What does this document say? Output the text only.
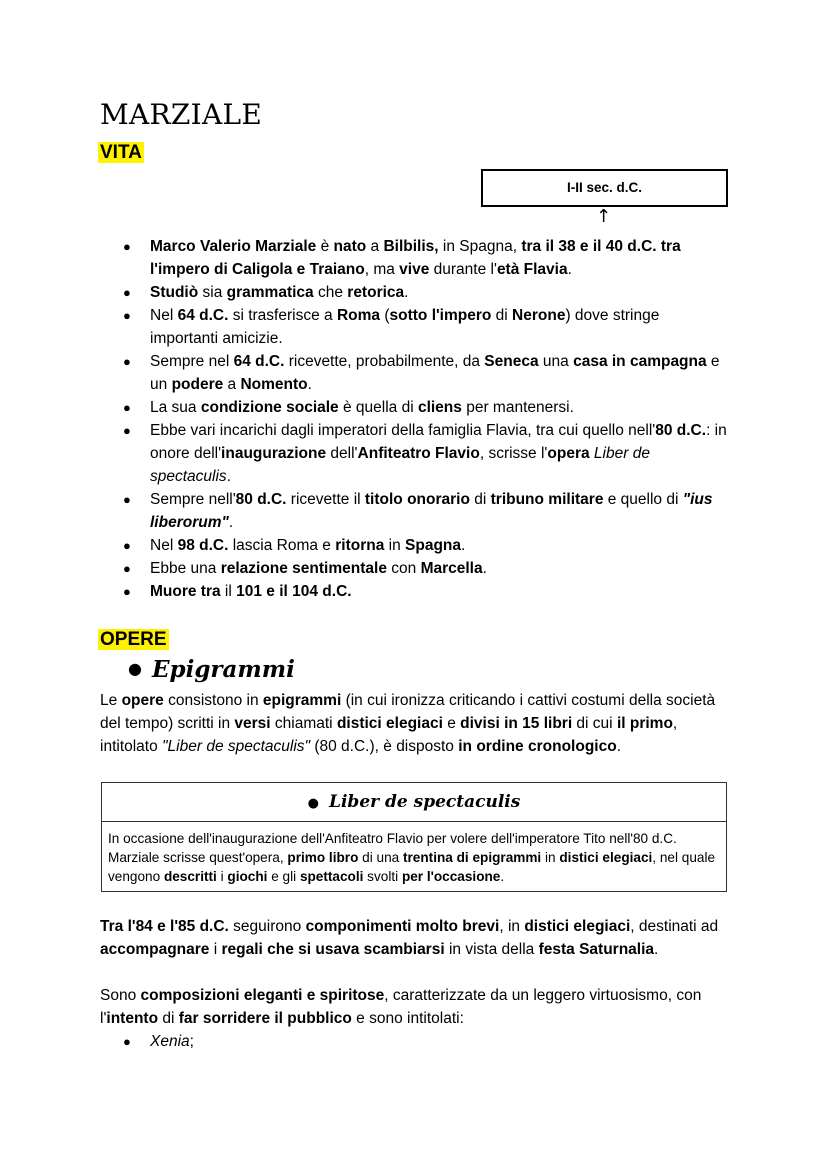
MARZIALE
VITA
I-II sec. d.C.
↑
● Marco Valerio Marziale è nato a Bilbilis, in Spagna, tra il 38 e il 40 d.C. tra l'impero di Caligola e Traiano, ma vive durante l'età Flavia.
● Studiò sia grammatica che retorica.
● Nel 64 d.C. si trasferisce a Roma (sotto l'impero di Nerone) dove stringe importanti amicizie.
● Sempre nel 64 d.C. ricevette, probabilmente, da Seneca una casa in campagna e un podere a Nomento.
● La sua condizione sociale è quella di cliens per mantenersi.
● Ebbe vari incarichi dagli imperatori della famiglia Flavia, tra cui quello nell'80 d.C.: in onore dell'inaugurazione dell'Anfiteatro Flavio, scrisse l'opera Liber de spectaculis.
● Sempre nell'80 d.C. ricevette il titolo onorario di tribuno militare e quello di "ius liberorum".
● Nel 98 d.C. lascia Roma e ritorna in Spagna.
● Ebbe una relazione sentimentale con Marcella.
● Muore tra il 101 e il 104 d.C.
OPERE
● Epigrammi

Le opere consistono in epigrammi (in cui ironizza criticando i cattivi costumi della società del tempo) scritti in versi chiamati distici elegiaci e divisi in 15 libri di cui il primo, intitolato "Liber de spectaculis" (80 d.C.), è disposto in ordine cronologico.

● Liber de spectaculis
In occasione dell'inaugurazione dell'Anfiteatro Flavio per volere dell'imperatore Tito nell'80 d.C. Marziale scrisse quest'opera, primo libro di una trentina di epigrammi in distici elegiaci, nel quale vengono descritti i giochi e gli spettacoli svolti per l'occasione.

Tra l'84 e l'85 d.C. seguirono componimenti molto brevi, in distici elegiaci, destinati ad accompagnare i regali che si usava scambiarsi in vista della festa Saturnalia.

Sono composizioni eleganti e spiritose, caratterizzate da un leggero virtuosismo, con l'intento di far sorridere il pubblico e sono intitolati:

● Xenia;
